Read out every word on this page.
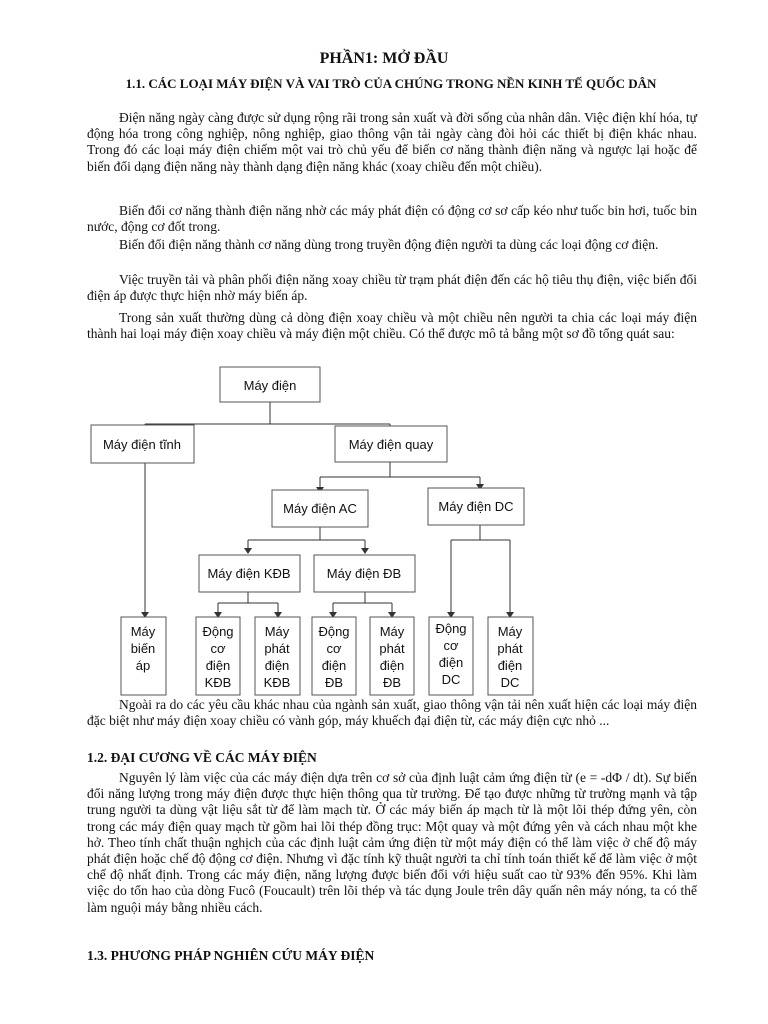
PHẦN1: MỞ ĐẦU
1.1. CÁC LOẠI MÁY ĐIỆN VÀ VAI TRÒ CỦA CHÚNG TRONG NỀN KINH TẾ QUỐC DÂN

Điện năng ngày càng được sử dụng rộng rãi trong sản xuất và đời sống của nhân dân. Việc điện khí hóa, tự động hóa trong công nghiệp, nông nghiệp, giao thông vận tải ngày càng đòi hỏi các thiết bị điện khác nhau. Trong đó các loại máy điện chiếm một vai trò chủ yếu để biến cơ năng thành điện năng và ngược lại hoặc để biến đổi dạng điện năng này thành dạng điện năng khác (xoay chiều đến một chiều).

Biến đổi cơ năng thành điện năng nhờ các máy phát điện có động cơ sơ cấp kéo như tuốc bin hơi, tuốc bin nước, động cơ đốt trong.

Biến đổi điện năng thành cơ năng dùng trong truyền động điện người ta dùng các loại động cơ điện.

Việc truyền tải và phân phối điện năng xoay chiều từ trạm phát điện đến các hộ tiêu thụ điện, việc biến đổi điện áp được thực hiện nhờ máy biến áp.

Trong sản xuất thường dùng cả dòng điện xoay chiều và một chiều nên người ta chia các loại máy điện thành hai loại máy điện xoay chiều và máy điện một chiều. Có thể được mô tả bằng một sơ đồ tổng quát sau:

Máy điện
Máy điện tĩnh	Máy điện quay
Máy điện AC	Máy điện DC
Máy điện KĐB	Máy điện ĐB
Máy
biến
áp
Động
cơ
điện
KĐB
Máy
phát
điện
KĐB
Động
cơ
điện
ĐB
Máy
phát
điện
ĐB
Động
cơ
điện
DC
Máy
phát
điện
DC

Ngoài ra do các yêu cầu khác nhau của ngành sản xuất, giao thông vận tải nên xuất hiện các loại máy điện đặc biệt như máy điện xoay chiều có vành góp, máy khuếch đại điện từ, các máy điện cực nhỏ ...

1.2. ĐẠI CƯƠNG VỀ CÁC MÁY ĐIỆN

Nguyên lý làm việc của các máy điện dựa trên cơ sở của định luật cảm ứng điện từ (e = -dΦ / dt). Sự biến đổi năng lượng trong máy điện được thực hiện thông qua từ trường. Để tạo được những từ trường mạnh và tập trung người ta dùng vật liệu sắt từ để làm mạch từ. Ở các máy biến áp mạch từ là một lõi thép đứng yên, còn trong các máy điện quay mạch từ gồm hai lõi thép đồng trục: Một quay và một đứng yên và cách nhau một khe hở. Theo tính chất thuận nghịch của các định luật cảm ứng điện từ một máy điện có thể làm việc ở chế độ máy phát điện hoặc chế độ động cơ điện. Nhưng vì đặc tính kỹ thuật người ta chỉ tính toán thiết kế để làm việc ở một chế độ nhất định. Trong các máy điện, năng lượng được biến đổi với hiệu suất cao từ 93% đến 95%. Khi làm việc do tổn hao của dòng Fucô (Foucault) trên lõi thép và tác dụng Joule trên dây quấn nên máy nóng, ta có thể làm nguội máy bằng nhiều cách.

1.3. PHƯƠNG PHÁP NGHIÊN CỨU MÁY ĐIỆN
